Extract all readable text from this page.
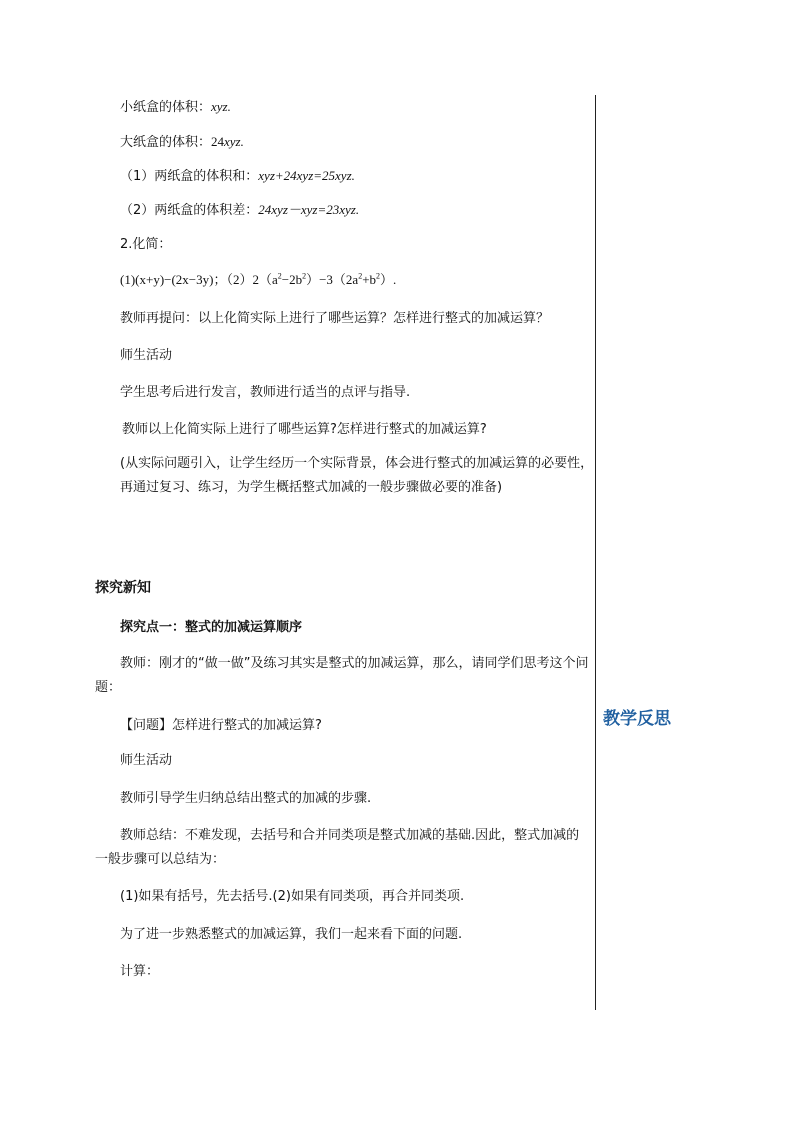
小纸盒的体积：xyz.
大纸盒的体积：24xyz.
（1）两纸盒的体积和：xyz+24xyz=25xyz.
（2）两纸盒的体积差：24xyz－xyz=23xyz.
2.化简：
(1)(x+y)−(2x−3y)；$(2)2(a^2-2b^2)-3(2a^2+b^2)$.
教师再提问：以上化简实际上进行了哪些运算？怎样进行整式的加减运算？
师生活动
学生思考后进行发言，教师进行适当的点评与指导.
教师以上化简实际上进行了哪些运算?怎样进行整式的加减运算?
(从实际问题引入，让学生经历一个实际背景，体会进行整式的加减运算的必要性，再通过复习、练习，为学生概括整式加减的一般步骤做必要的准备)
探究新知
探究点一：整式的加减运算顺序
教师：刚才的“做一做”及练习其实是整式的加减运算，那么，请同学们思考这个问题：
【问题】怎样进行整式的加减运算?
师生活动
教师引导学生归纳总结出整式的加减的步骤.
教师总结：不难发现，去括号和合并同类项是整式加减的基础.因此，整式加减的一般步骤可以总结为：
(1)如果有括号，先去括号.(2)如果有同类项，再合并同类项.
为了进一步熟悉整式的加减运算，我们一起来看下面的问题.
计算：
教学反思
